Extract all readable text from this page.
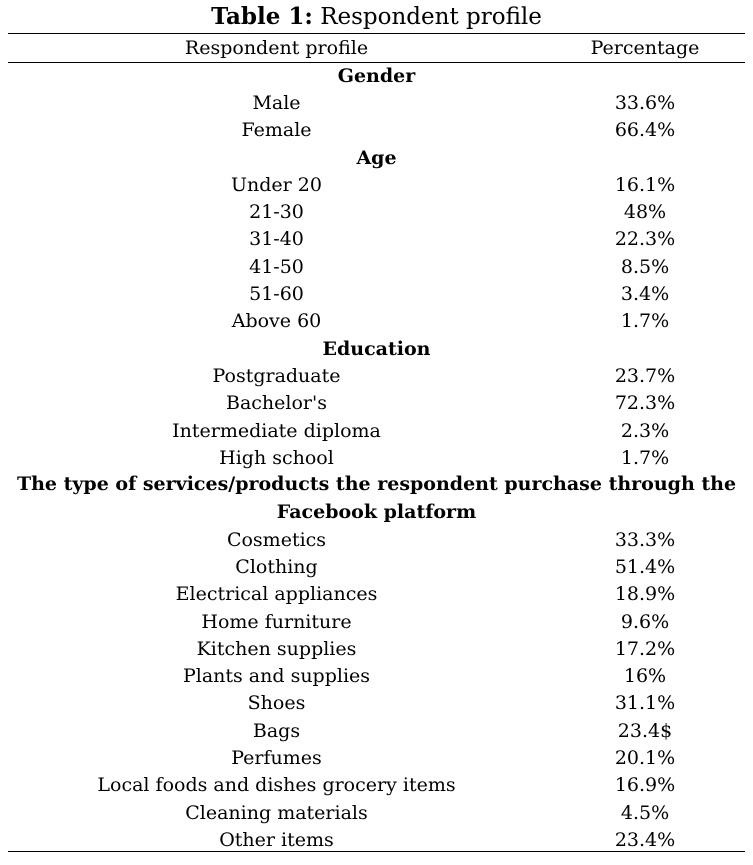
Table 1: Respondent profile
Respondent profile	Percentage
Gender
Male	33.6%
Female	66.4%
Age
Under 20	16.1%
21-30	48%
31-40	22.3%
41-50	8.5%
51-60	3.4%
Above 60	1.7%
Education
Postgraduate	23.7%
Bachelor's	72.3%
Intermediate diploma	2.3%
High school	1.7%
The type of services/products the respondent purchase through the Facebook platform
Cosmetics	33.3%
Clothing	51.4%
Electrical appliances	18.9%
Home furniture	9.6%
Kitchen supplies	17.2%
Plants and supplies	16%
Shoes	31.1%
Bags	23.4$
Perfumes	20.1%
Local foods and dishes grocery items	16.9%
Cleaning materials	4.5%
Other items	23.4%
